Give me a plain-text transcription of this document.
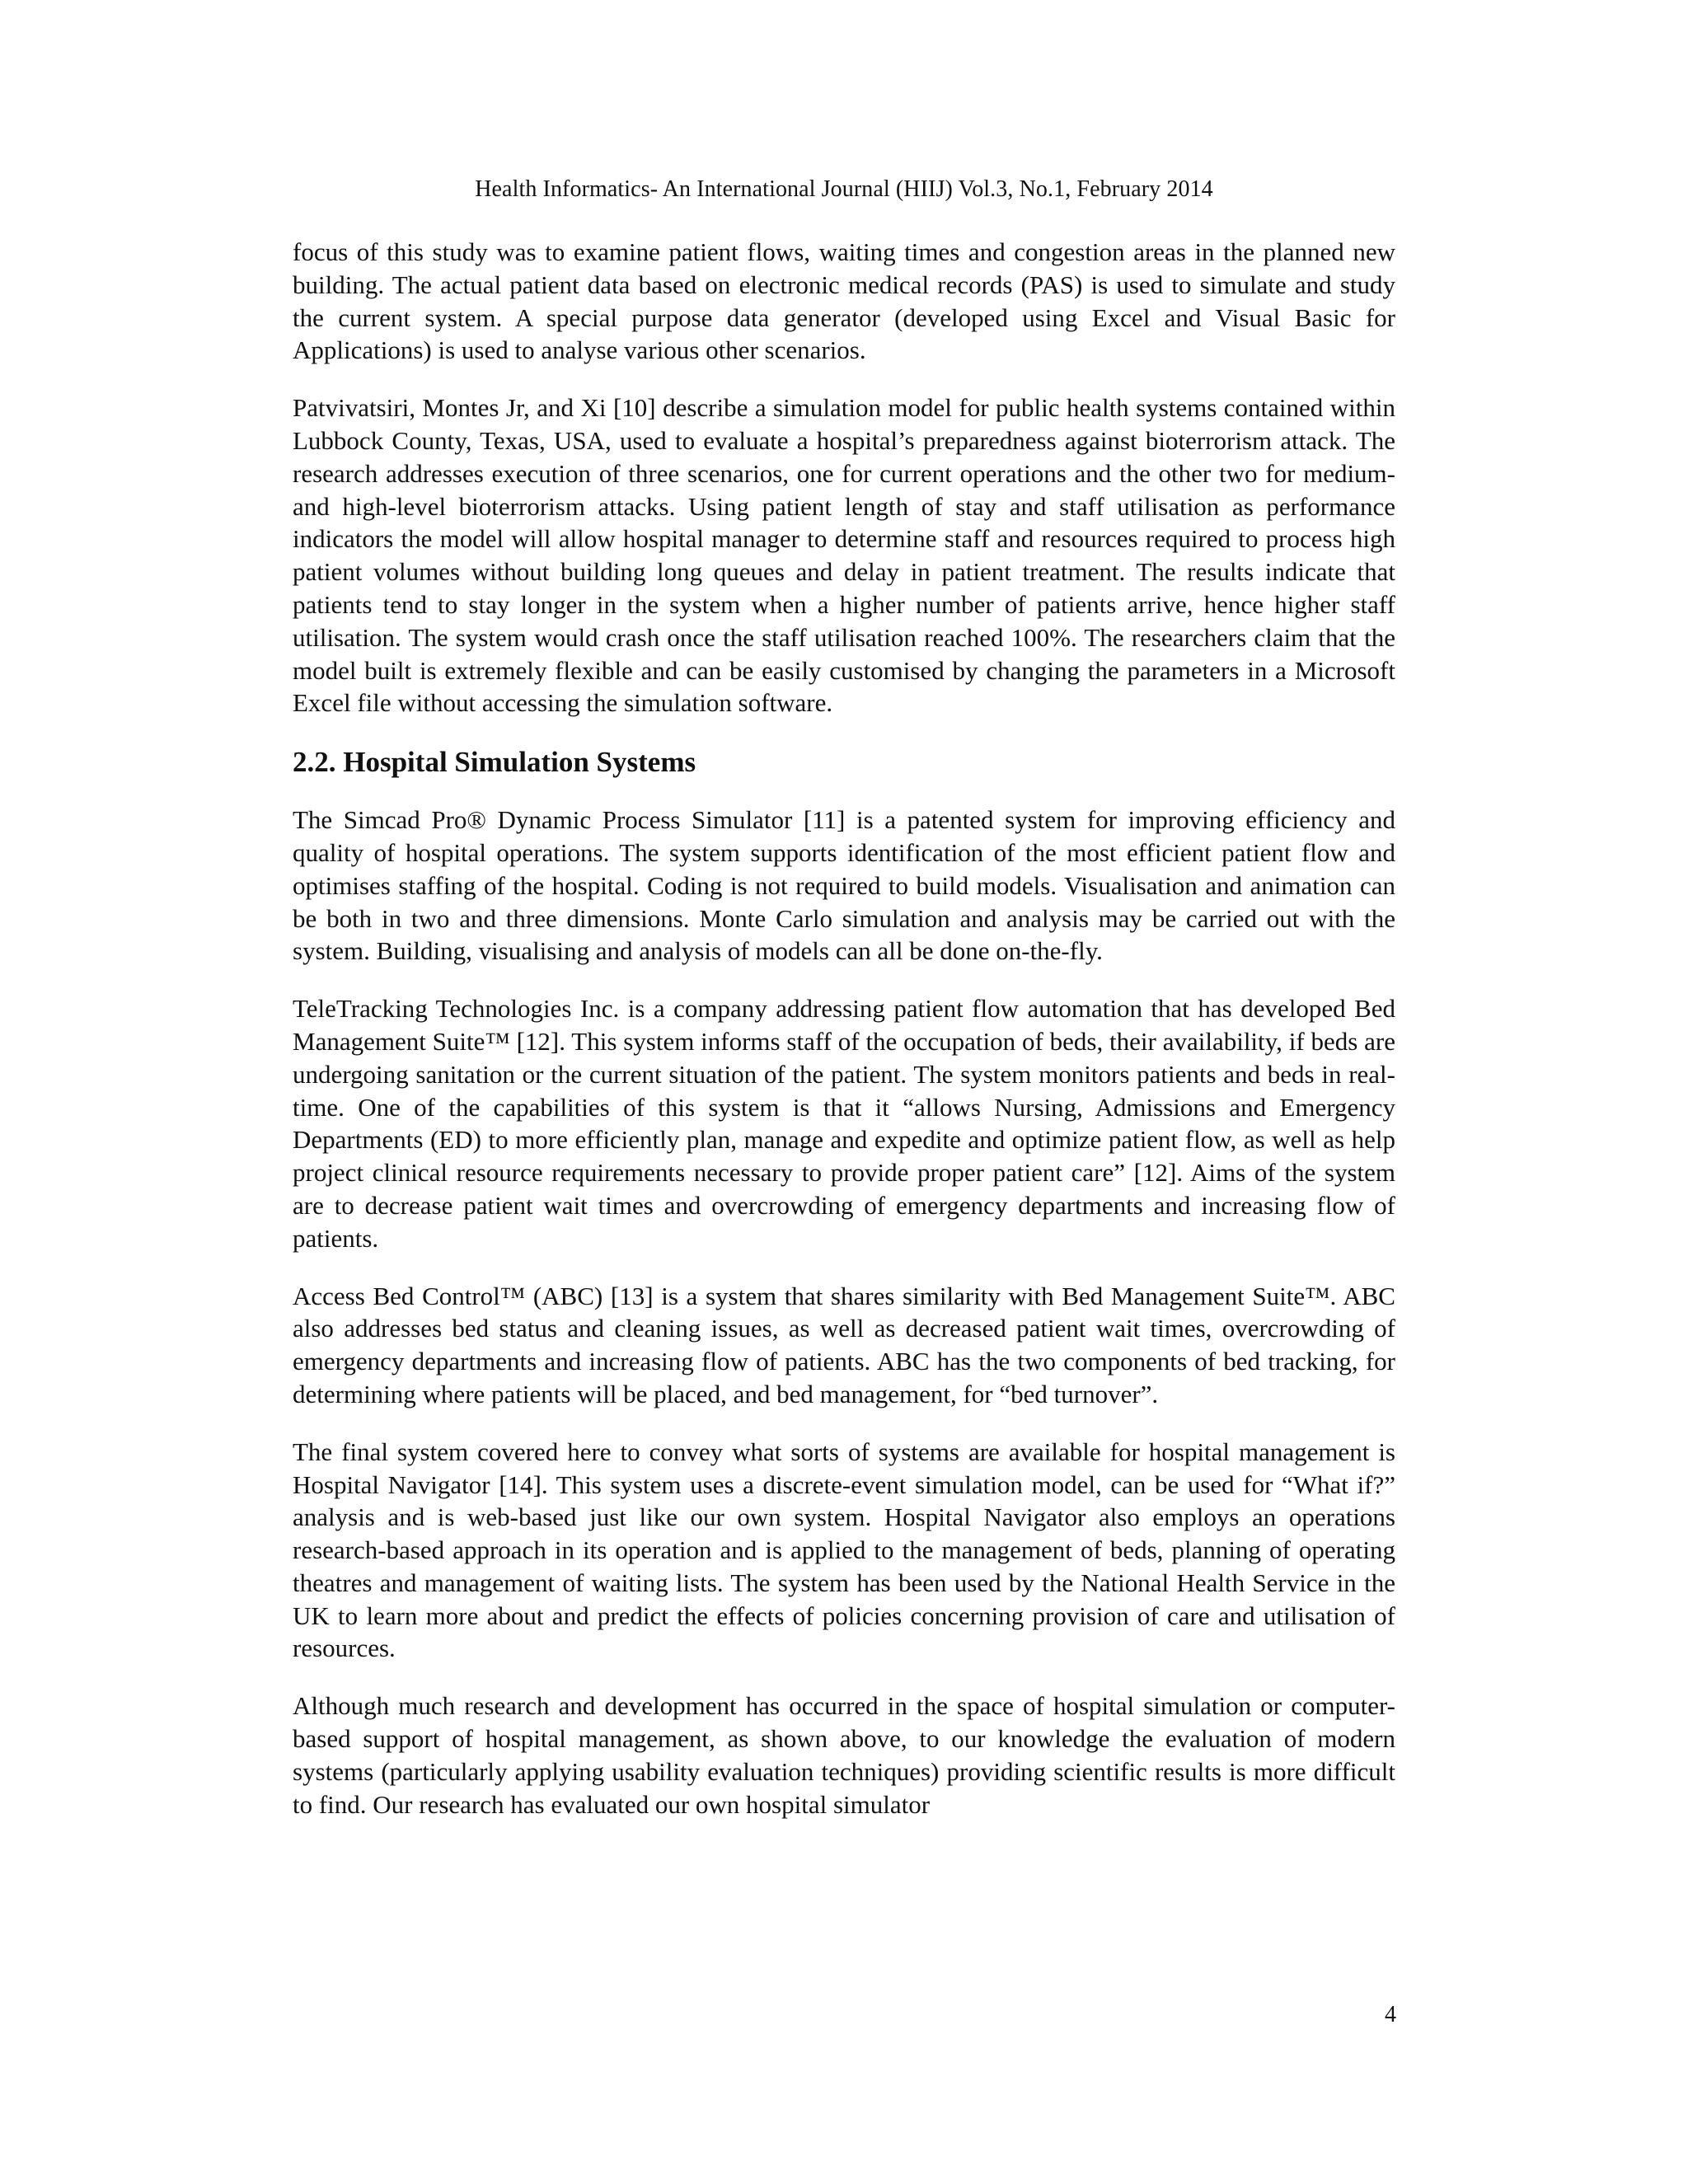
Health Informatics- An International Journal (HIIJ) Vol.3, No.1, February 2014

focus of this study was to examine patient flows, waiting times and congestion areas in the planned new building. The actual patient data based on electronic medical records (PAS) is used to simulate and study the current system. A special purpose data generator (developed using Excel and Visual Basic for Applications) is used to analyse various other scenarios.

Patvivatsiri, Montes Jr, and Xi [10] describe a simulation model for public health systems contained within Lubbock County, Texas, USA, used to evaluate a hospital’s preparedness against bioterrorism attack. The research addresses execution of three scenarios, one for current operations and the other two for medium- and high-level bioterrorism attacks. Using patient length of stay and staff utilisation as performance indicators the model will allow hospital manager to determine staff and resources required to process high patient volumes without building long queues and delay in patient treatment. The results indicate that patients tend to stay longer in the system when a higher number of patients arrive, hence higher staff utilisation. The system would crash once the staff utilisation reached 100%. The researchers claim that the model built is extremely flexible and can be easily customised by changing the parameters in a Microsoft Excel file without accessing the simulation software.

2.2. Hospital Simulation Systems

The Simcad Pro® Dynamic Process Simulator [11] is a patented system for improving efficiency and quality of hospital operations. The system supports identification of the most efficient patient flow and optimises staffing of the hospital. Coding is not required to build models. Visualisation and animation can be both in two and three dimensions. Monte Carlo simulation and analysis may be carried out with the system. Building, visualising and analysis of models can all be done on-the-fly.

TeleTracking Technologies Inc. is a company addressing patient flow automation that has developed Bed Management Suite™ [12]. This system informs staff of the occupation of beds, their availability, if beds are undergoing sanitation or the current situation of the patient. The system monitors patients and beds in real-time. One of the capabilities of this system is that it “allows Nursing, Admissions and Emergency Departments (ED) to more efficiently plan, manage and expedite and optimize patient flow, as well as help project clinical resource requirements necessary to provide proper patient care” [12]. Aims of the system are to decrease patient wait times and overcrowding of emergency departments and increasing flow of patients.

Access Bed Control™ (ABC) [13] is a system that shares similarity with Bed Management Suite™. ABC also addresses bed status and cleaning issues, as well as decreased patient wait times, overcrowding of emergency departments and increasing flow of patients. ABC has the two components of bed tracking, for determining where patients will be placed, and bed management, for “bed turnover”.

The final system covered here to convey what sorts of systems are available for hospital management is Hospital Navigator [14]. This system uses a discrete-event simulation model, can be used for “What if?” analysis and is web-based just like our own system. Hospital Navigator also employs an operations research-based approach in its operation and is applied to the management of beds, planning of operating theatres and management of waiting lists. The system has been used by the National Health Service in the UK to learn more about and predict the effects of policies concerning provision of care and utilisation of resources.

Although much research and development has occurred in the space of hospital simulation or computer-based support of hospital management, as shown above, to our knowledge the evaluation of modern systems (particularly applying usability evaluation techniques) providing scientific results is more difficult to find. Our research has evaluated our own hospital simulator

4
